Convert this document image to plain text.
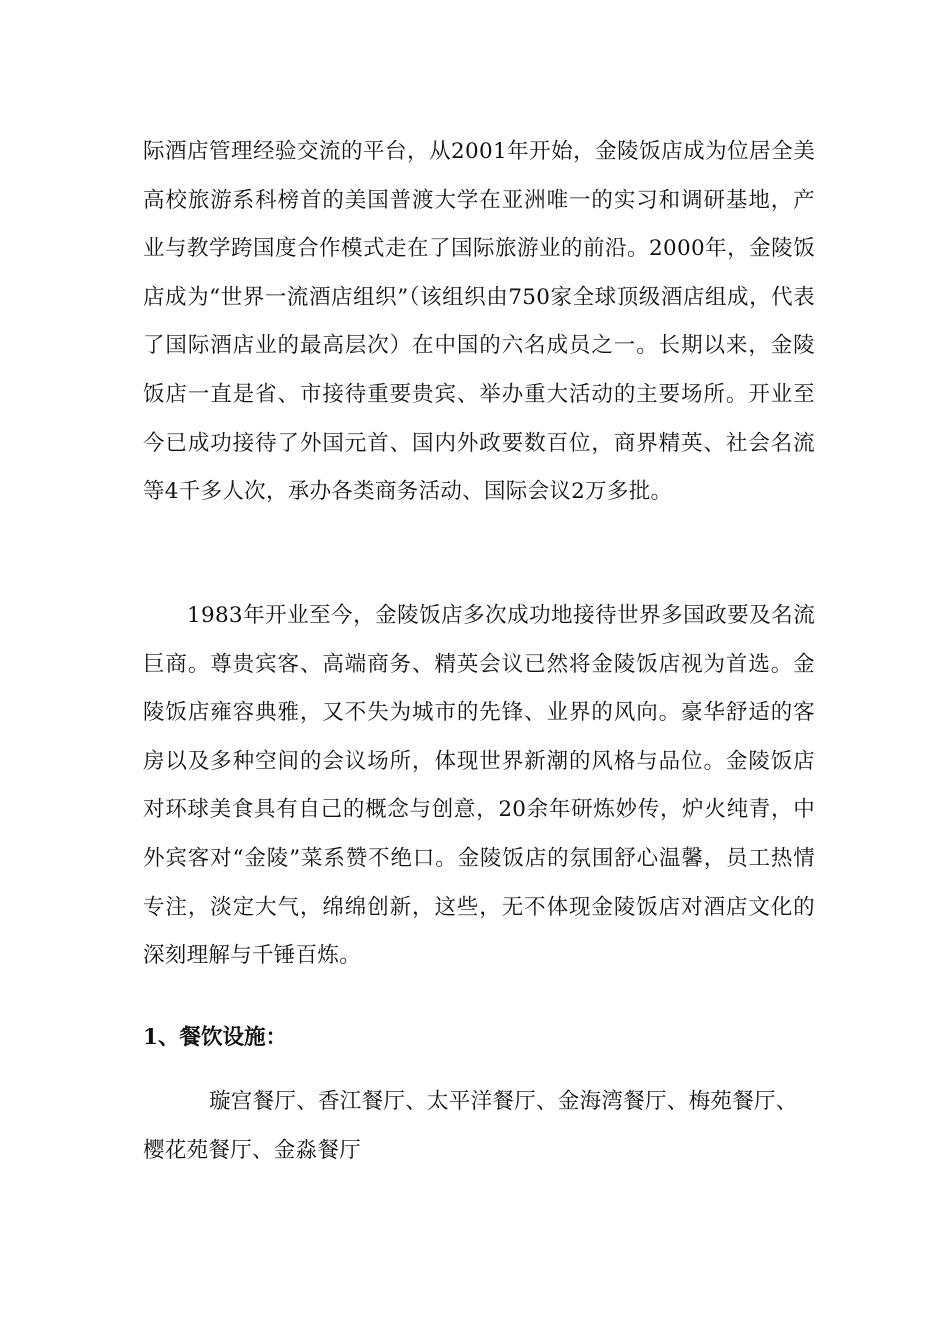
际酒店管理经验交流的平台，从2001年开始，金陵饭店成为位居全美高校旅游系科榜首的美国普渡大学在亚洲唯一的实习和调研基地，产业与教学跨国度合作模式走在了国际旅游业的前沿。2000年，金陵饭店成为“世界一流酒店组织”（该组织由750家全球顶级酒店组成，代表了国际酒店业的最高层次）在中国的六名成员之一。长期以来，金陵饭店一直是省、市接待重要贵宾、举办重大活动的主要场所。开业至今已成功接待了外国元首、国内外政要数百位，商界精英、社会名流等4千多人次，承办各类商务活动、国际会议2万多批。

1983年开业至今，金陵饭店多次成功地接待世界多国政要及名流巨商。尊贵宾客、高端商务、精英会议已然将金陵饭店视为首选。金陵饭店雍容典雅，又不失为城市的先锋、业界的风向。豪华舒适的客房以及多种空间的会议场所，体现世界新潮的风格与品位。金陵饭店对环球美食具有自己的概念与创意，20余年研炼妙传，炉火纯青，中外宾客对“金陵”菜系赞不绝口。金陵饭店的氛围舒心温馨，员工热情专注，淡定大气，绵绵创新，这些，无不体现金陵饭店对酒店文化的深刻理解与千锤百炼。

1、餐饮设施：

璇宫餐厅、香江餐厅、太平洋餐厅、金海湾餐厅、梅苑餐厅、樱花苑餐厅、金淼餐厅
